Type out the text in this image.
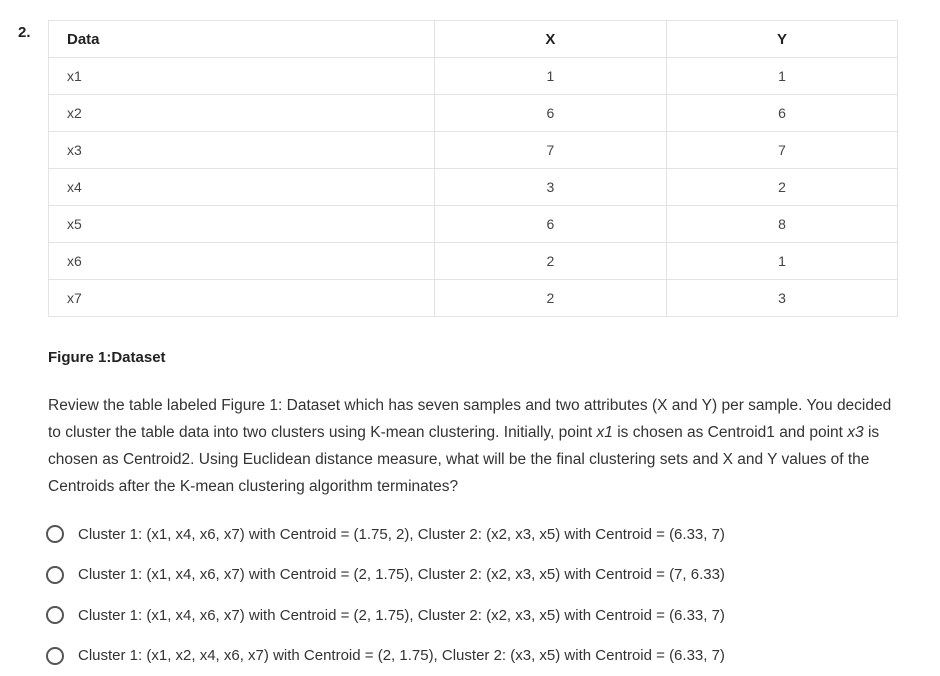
2. Data	X	Y
x1	1	1
x2	6	6
x3	7	7
x4	3	2
x5	6	8
x6	2	1
x7	2	3
Figure 1:Dataset

Review the table labeled Figure 1: Dataset which has seven samples and two attributes (X and Y) per sample. You decided to cluster the table data into two clusters using K-mean clustering. Initially, point x1 is chosen as Centroid1 and point x3 is chosen as Centroid2. Using Euclidean distance measure, what will be the final clustering sets and X and Y values of the Centroids after the K-mean clustering algorithm terminates?

Cluster 1: (x1, x4, x6, x7) with Centroid = (1.75, 2), Cluster 2: (x2, x3, x5) with Centroid = (6.33, 7)
Cluster 1: (x1, x4, x6, x7) with Centroid = (2, 1.75), Cluster 2: (x2, x3, x5) with Centroid = (7, 6.33)
Cluster 1: (x1, x4, x6, x7) with Centroid = (2, 1.75), Cluster 2: (x2, x3, x5) with Centroid = (6.33, 7)
Cluster 1: (x1, x2, x4, x6, x7) with Centroid = (2, 1.75), Cluster 2: (x3, x5) with Centroid = (6.33, 7)
